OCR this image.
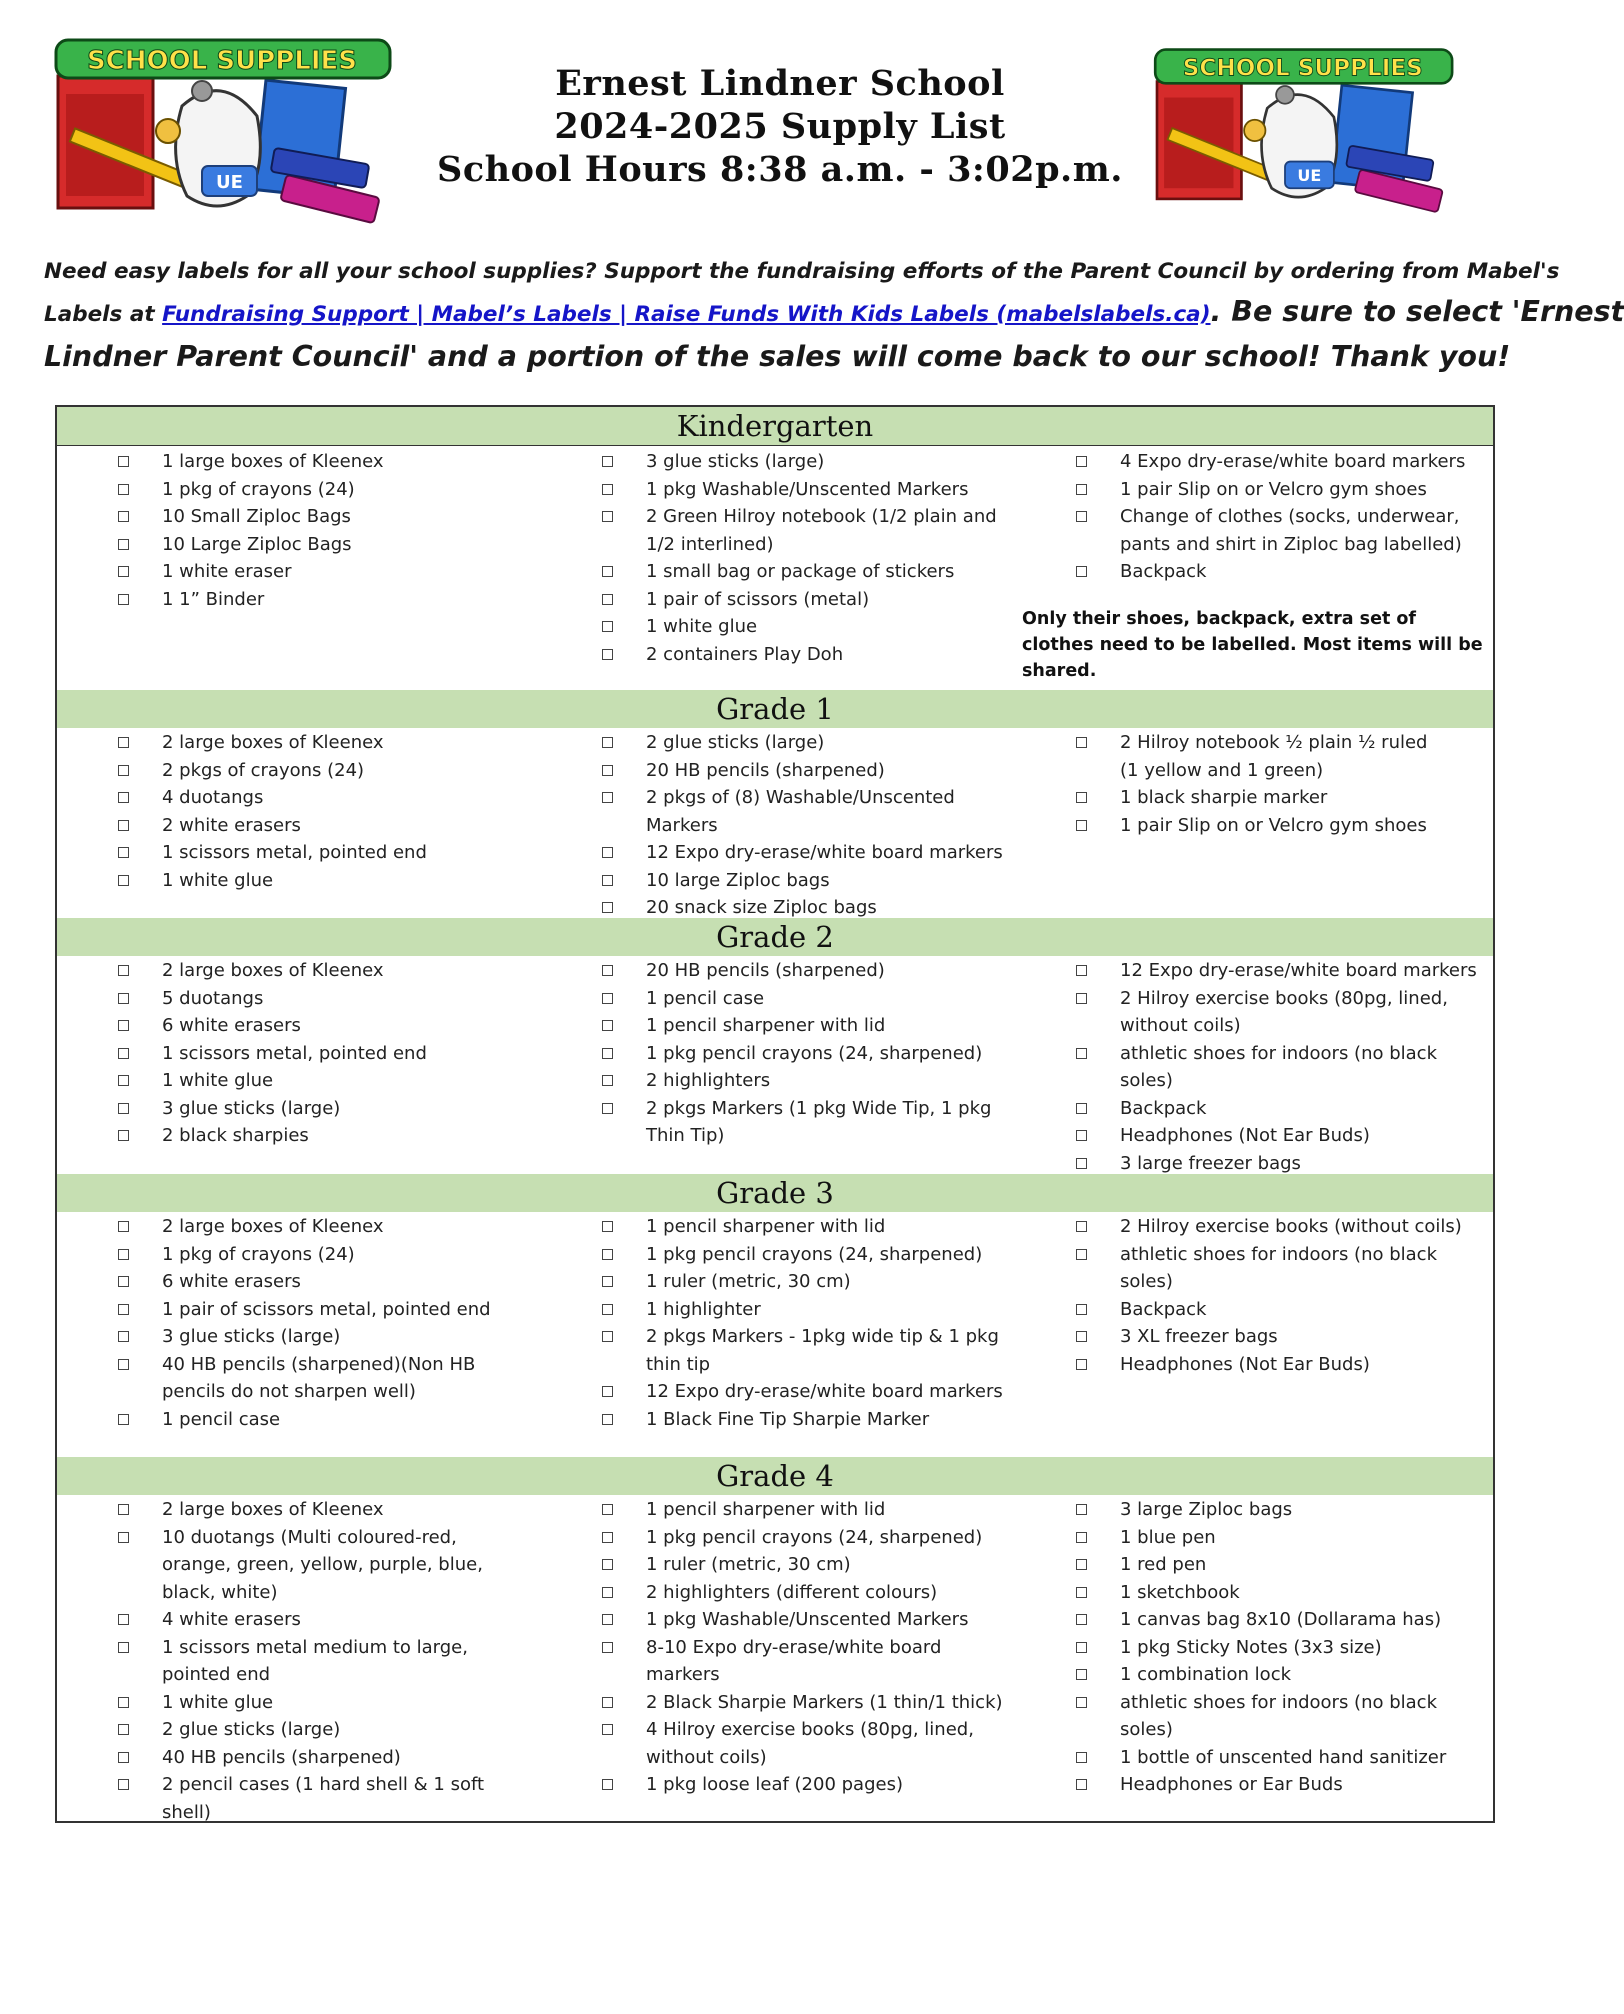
UE
SCHOOL SUPPLIES
UE
SCHOOL SUPPLIES
Ernest Lindner School
2024-2025 Supply List
School Hours 8:38 a.m. - 3:02p.m.
Need easy labels for all your school supplies? Support the fundraising efforts of the Parent Council by ordering from Mabel's
Labels at Fundraising Support | Mabel’s Labels | Raise Funds With Kids Labels (mabelslabels.ca). Be sure to select 'Ernest
Lindner Parent Council' and a portion of the sales will come back to our school! Thank you!
Kindergarten
1 large boxes of Kleenex
1 pkg of crayons (24)
10 Small Ziploc Bags
10 Large Ziploc Bags
1 white eraser
1 1” Binder
3 glue sticks (large)
1 pkg Washable/Unscented Markers
2 Green Hilroy notebook (1/2 plain and
1/2 interlined)
1 small bag or package of stickers
1 pair of scissors (metal)
1 white glue
2 containers Play Doh
4 Expo dry-erase/white board markers
1 pair Slip on or Velcro gym shoes
Change of clothes (socks, underwear,
pants and shirt in Ziploc bag labelled)
Backpack
Grade 1
2 large boxes of Kleenex
2 pkgs of crayons (24)
4 duotangs
2 white erasers
1 scissors metal, pointed end
1 white glue
2 glue sticks (large)
20 HB pencils (sharpened)
2 pkgs of (8) Washable/Unscented
Markers
12 Expo dry-erase/white board markers
10 large Ziploc bags
20 snack size Ziploc bags
2 Hilroy notebook ½ plain ½ ruled
(1 yellow and 1 green)
1 black sharpie marker
1 pair Slip on or Velcro gym shoes
Grade 2
2 large boxes of Kleenex
5 duotangs
6 white erasers
1 scissors metal, pointed end
1 white glue
3 glue sticks (large)
2 black sharpies
20 HB pencils (sharpened)
1 pencil case
1 pencil sharpener with lid
1 pkg pencil crayons (24, sharpened)
2 highlighters
2 pkgs Markers (1 pkg Wide Tip, 1 pkg
Thin Tip)
12 Expo dry-erase/white board markers
2 Hilroy exercise books (80pg, lined,
without coils)
athletic shoes for indoors (no black
soles)
Backpack
Headphones (Not Ear Buds)
3 large freezer bags
Grade 3
2 large boxes of Kleenex
1 pkg of crayons (24)
6 white erasers
1 pair of scissors metal, pointed end
3 glue sticks (large)
40 HB pencils (sharpened)(Non HB
pencils do not sharpen well)
1 pencil case
1 pencil sharpener with lid
1 pkg pencil crayons (24, sharpened)
1 ruler (metric, 30 cm)
1 highlighter
2 pkgs Markers - 1pkg wide tip & 1 pkg
thin tip
12 Expo dry-erase/white board markers
1 Black Fine Tip Sharpie Marker
2 Hilroy exercise books (without coils)
athletic shoes for indoors (no black
soles)
Backpack
3 XL freezer bags
Headphones (Not Ear Buds)
Grade 4
2 large boxes of Kleenex
10 duotangs (Multi coloured-red,
orange, green, yellow, purple, blue,
black, white)
4 white erasers
1 scissors metal medium to large,
pointed end
1 white glue
2 glue sticks (large)
40 HB pencils (sharpened)
2 pencil cases (1 hard shell & 1 soft shell)
1 pencil sharpener with lid
1 pkg pencil crayons (24, sharpened)
1 ruler (metric, 30 cm)
2 highlighters (different colours)
1 pkg Washable/Unscented Markers
8-10 Expo dry-erase/white board
markers
2 Black Sharpie Markers (1 thin/1 thick)
4 Hilroy exercise books (80pg, lined,
without coils)
1 pkg loose leaf (200 pages)
3 large Ziploc bags
1 blue pen
1 red pen
1 sketchbook
1 canvas bag 8x10 (Dollarama has)
1 pkg Sticky Notes (3x3 size)
1 combination lock
athletic shoes for indoors (no black
soles)
1 bottle of unscented hand sanitizer
Headphones or Ear Buds
Only their shoes, backpack, extra set of clothes need to be labelled. Most items will be shared.
